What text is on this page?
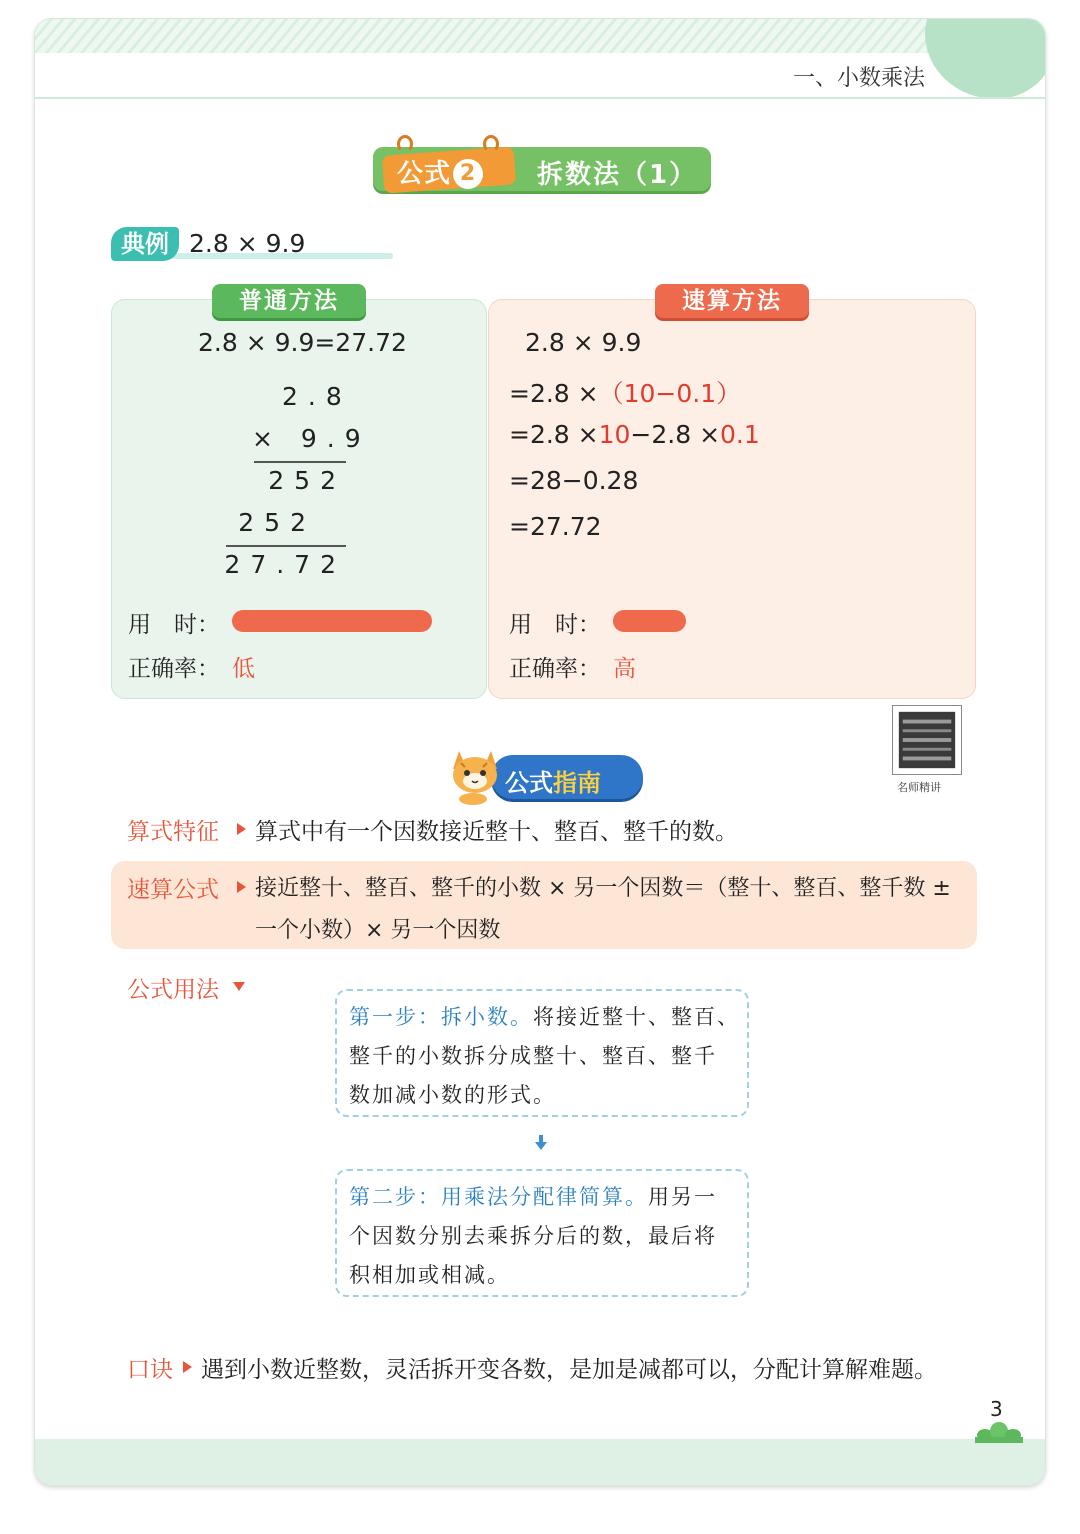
一、小数乘法
公式 2 拆数法（1）
典例 2.8 × 9.9
普通方法
2.8 × 9.9=27.72
2.8
× 9.9
252
252
27.72
用　时：
正确率： 低
速算方法
2.8 × 9.9
=2.8 ×（10−0.1）
=2.8 ×10−2.8 ×0.1
=28−0.28
=27.72
用　时：
正确率： 高
公式指南	名师精讲
算式特征 算式中有一个因数接近整十、整百、整千的数。
速算公式 接近整十、整百、整千的小数 × 另一个因数＝（整十、整百、整千数 ±
一个小数）× 另一个因数
公式用法
第一步：拆小数。将接近整十、整百、
整千的小数拆分成整十、整百、整千
数加减小数的形式。
第二步：用乘法分配律简算。用另一
个因数分别去乘拆分后的数，最后将
积相加或相减。
口诀 遇到小数近整数，灵活拆开变各数，是加是减都可以，分配计算解难题。
3
